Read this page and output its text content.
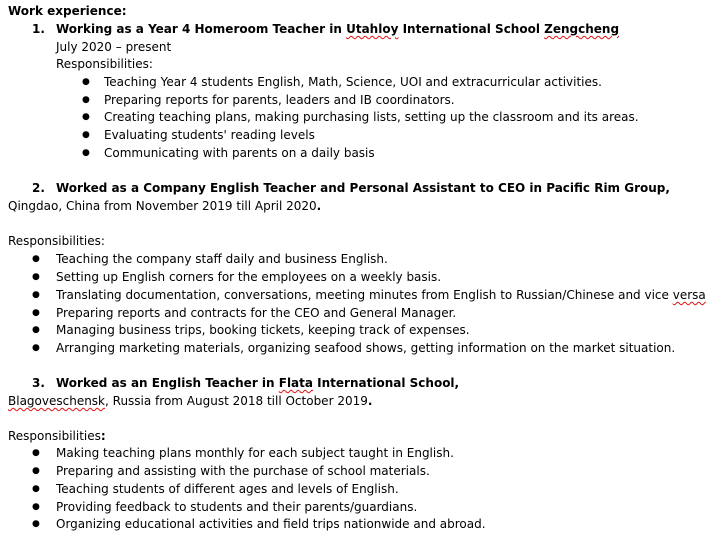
Work experience:
1. Working as a Year 4 Homeroom Teacher in Utahloy International School Zengcheng
July 2020 – present
Responsibilities:
● Teaching Year 4 students English, Math, Science, UOI and extracurricular activities.
● Preparing reports for parents, leaders and IB coordinators.
● Creating teaching plans, making purchasing lists, setting up the classroom and its areas.
● Evaluating students' reading levels
● Communicating with parents on a daily basis
2. Worked as a Company English Teacher and Personal Assistant to CEO in Pacific Rim Group,
Qingdao, China from November 2019 till April 2020.
Responsibilities:
● Teaching the company staff daily and business English.
● Setting up English corners for the employees on a weekly basis.
● Translating documentation, conversations, meeting minutes from English to Russian/Chinese and vice versa
● Preparing reports and contracts for the CEO and General Manager.
● Managing business trips, booking tickets, keeping track of expenses.
● Arranging marketing materials, organizing seafood shows, getting information on the market situation.
3. Worked as an English Teacher in Flata International School,
Blagoveschensk, Russia from August 2018 till October 2019.
Responsibilities:
● Making teaching plans monthly for each subject taught in English.
● Preparing and assisting with the purchase of school materials.
● Teaching students of different ages and levels of English.
● Providing feedback to students and their parents/guardians.
● Organizing educational activities and field trips nationwide and abroad.
